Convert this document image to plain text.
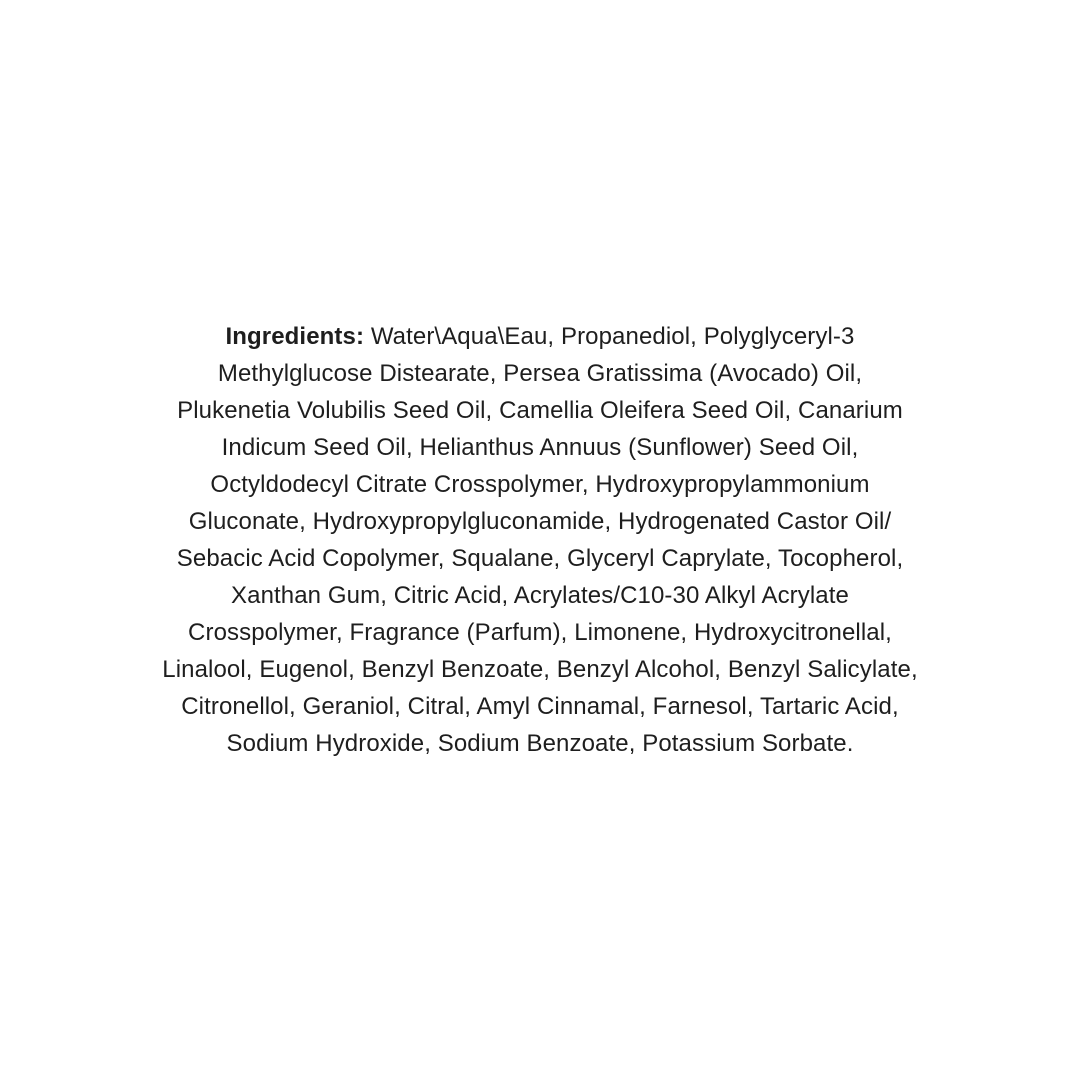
Ingredients: Water\Aqua\Eau, Propanediol, Polyglyceryl-3
Methylglucose Distearate, Persea Gratissima (Avocado) Oil,
Plukenetia Volubilis Seed Oil, Camellia Oleifera Seed Oil, Canarium
Indicum Seed Oil, Helianthus Annuus (Sunflower) Seed Oil,
Octyldodecyl Citrate Crosspolymer, Hydroxypropylammonium
Gluconate, Hydroxypropylgluconamide, Hydrogenated Castor Oil/
Sebacic Acid Copolymer, Squalane, Glyceryl Caprylate, Tocopherol,
Xanthan Gum, Citric Acid, Acrylates/C10-30 Alkyl Acrylate
Crosspolymer, Fragrance (Parfum), Limonene, Hydroxycitronellal,
Linalool, Eugenol, Benzyl Benzoate, Benzyl Alcohol, Benzyl Salicylate,
Citronellol, Geraniol, Citral, Amyl Cinnamal, Farnesol, Tartaric Acid,
Sodium Hydroxide, Sodium Benzoate, Potassium Sorbate.
